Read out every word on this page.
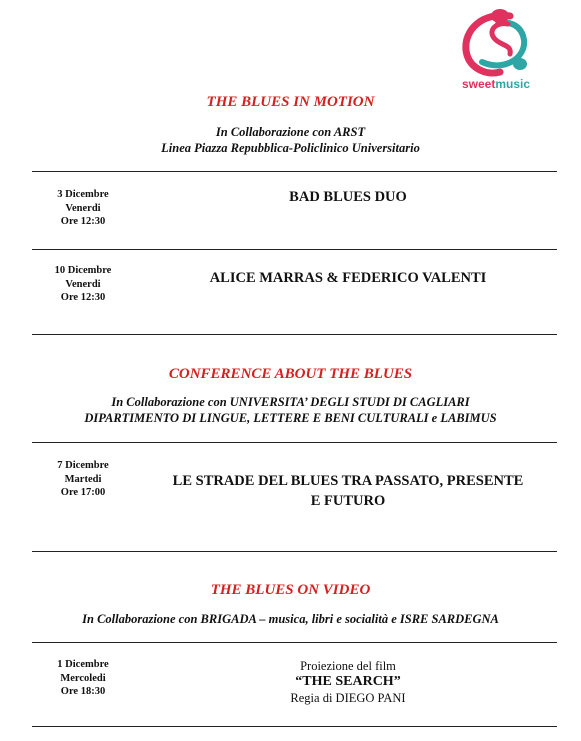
sweetmusic
THE BLUES IN MOTION
In Collaborazione con ARST
Linea Piazza Repubblica-Policlinico Universitario
3 Dicembre
Venerdi
Ore 12:30
BAD BLUES DUO
10 Dicembre
Venerdi
Ore 12:30
ALICE MARRAS & FEDERICO VALENTI
CONFERENCE ABOUT THE BLUES
In Collaborazione con UNIVERSITA’ DEGLI STUDI DI CAGLIARI
DIPARTIMENTO DI LINGUE, LETTERE E BENI CULTURALI e LABIMUS
7 Dicembre
Martedi
Ore 17:00
LE STRADE DEL BLUES TRA PASSATO, PRESENTE
E FUTURO
THE BLUES ON VIDEO
In Collaborazione con BRIGADA – musica, libri e socialità e ISRE SARDEGNA
1 Dicembre
Mercoledi
Ore 18:30
Proiezione del film
“THE SEARCH”
Regia di DIEGO PANI
